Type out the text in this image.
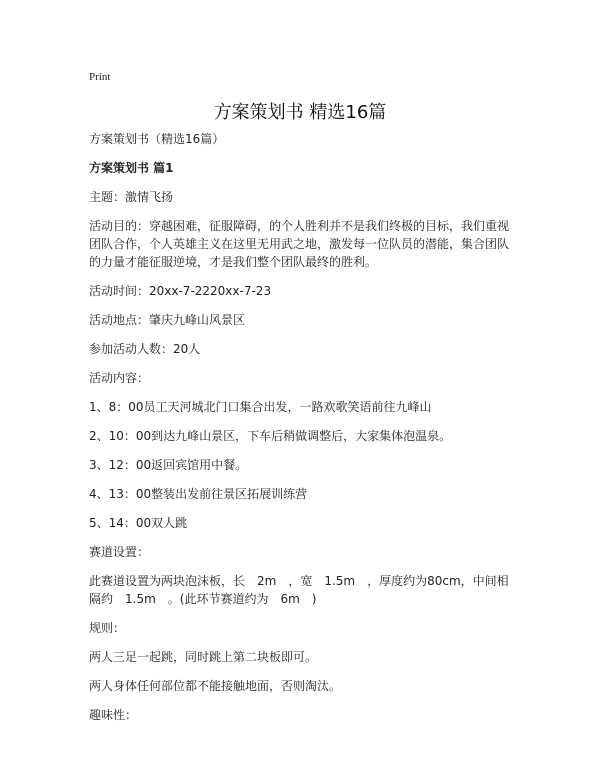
Print
方案策划书 精选16篇

方案策划书（精选16篇）

方案策划书 篇1

主题：激情飞扬

活动目的：穿越困难，征服障碍，的个人胜利并不是我们终极的目标，我们重视团队合作，个人英雄主义在这里无用武之地，激发每一位队员的潜能，集合团队的力量才能征服逆境，才是我们整个团队最终的胜利。

活动时间：20xx-7-2220xx-7-23

活动地点：肇庆九峰山风景区

参加活动人数：20人

活动内容：

1、8：00员工天河城北门口集合出发，一路欢歌笑语前往九峰山

2、10：00到达九峰山景区，下车后稍做调整后，大家集体泡温泉。

3、12：00返回宾馆用中餐。

4、13：00整装出发前往景区拓展训练营

5、14：00双人跳

赛道设置：

此赛道设置为两块泡沫板，长　2m　，宽　1.5m　，厚度约为80cm，中间相隔约　1.5m　。(此环节赛道约为　6m　)

规则：

两人三足一起跳，同时跳上第二块板即可。

两人身体任何部位都不能接触地面，否则淘汰。

趣味性：
